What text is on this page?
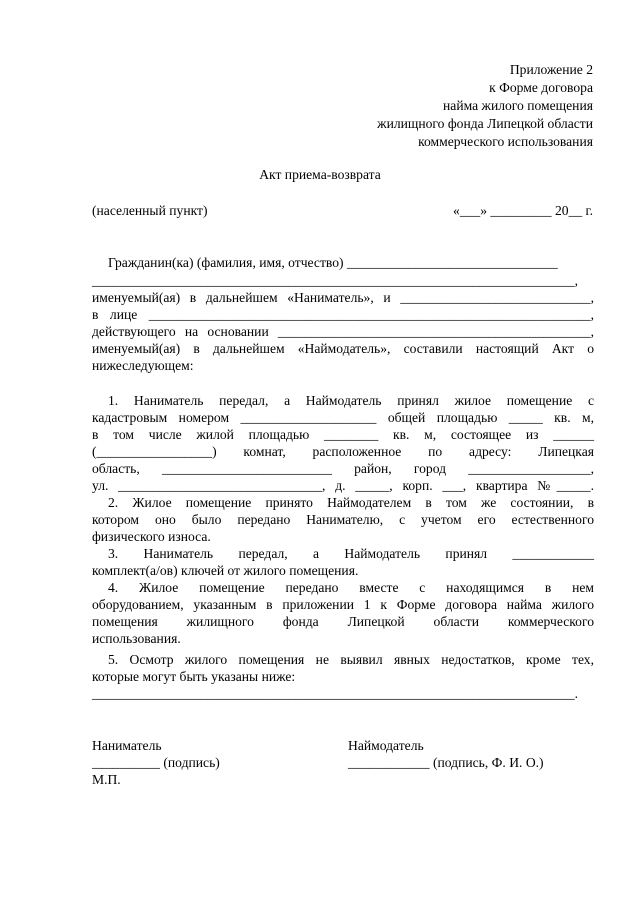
Приложение 2
к Форме договора
найма жилого помещения
жилищного фонда Липецкой области
коммерческого использования
Акт приема-возврата
(населенный пункт)	«___» _________ 20__ г.
Гражданин(ка) (фамилия, имя, отчество) _______________________________
_______________________________________________________________________,
именуемый(ая) в дальнейшем «Наниматель», и ____________________________,
в лице _________________________________________________________________,
действующего на основании ______________________________________________,
именуемый(ая) в дальнейшем «Наймодатель», составили настоящий Акт о
нижеследующем:
1. Наниматель передал, а Наймодатель принял жилое помещение с
кадастровым номером ____________________ общей площадью _____ кв. м,
в том числе жилой площадью ________ кв. м, состоящее из ______
(_________________) комнат, расположенное по адресу: Липецкая
область, _________________________ район, город __________________,
ул. ______________________________, д. _____, корп. ___, квартира №_____.
2. Жилое помещение принято Наймодателем в том же состоянии, в
котором оно было передано Нанимателю, с учетом его естественного
физического износа.
3. Наниматель передал, а Наймодатель принял ____________
комплект(а/ов) ключей от жилого помещения.
4. Жилое помещение передано вместе с находящимся в нем
оборудованием, указанным в приложении 1 к Форме договора найма жилого
помещения жилищного фонда Липецкой области коммерческого
использования.
5. Осмотр жилого помещения не выявил явных недостатков, кроме тех,
которые могут быть указаны ниже:
_______________________________________________________________________.
Наниматель
__________ (подпись)
Наймодатель
____________ (подпись, Ф. И. О.)
М.П.
